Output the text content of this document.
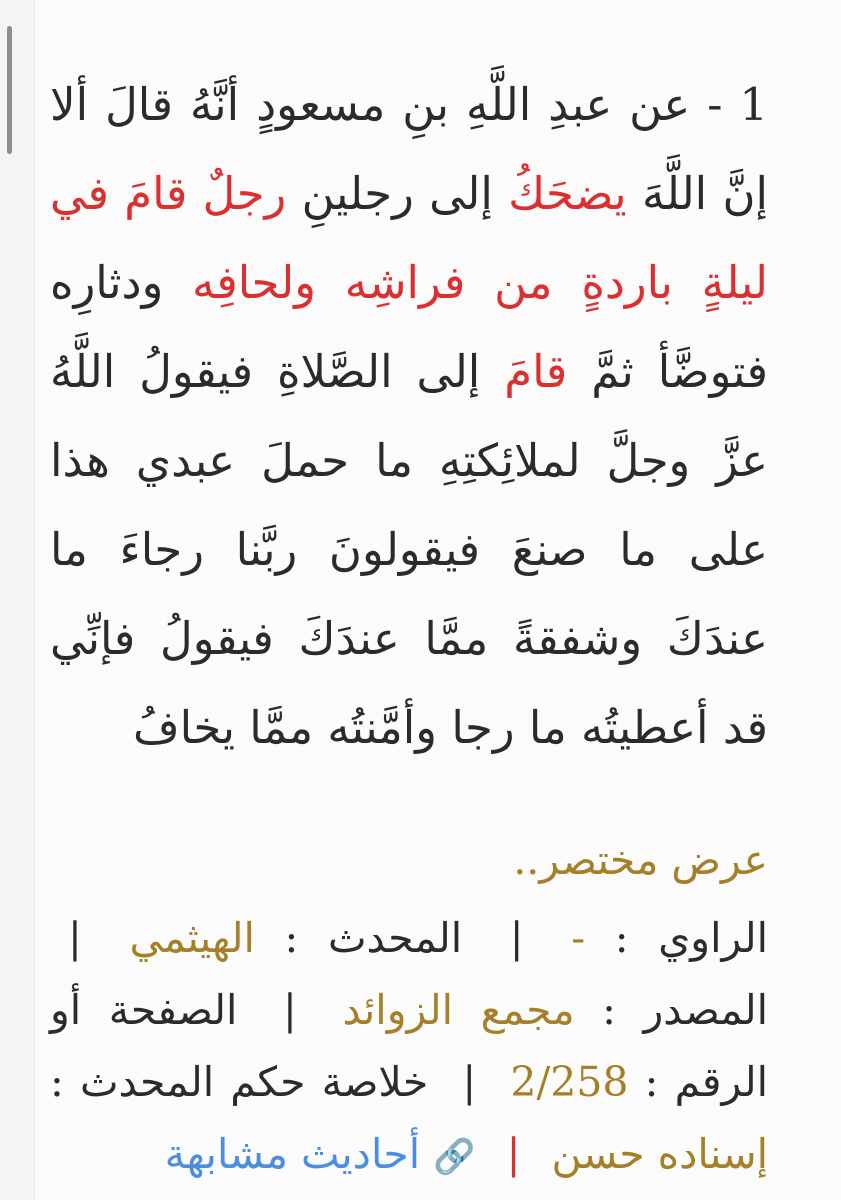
1 - عن عبدِ اللَّهِ بنِ مسعودٍ أنَّهُ قالَ ألا إنَّ اللَّهَ يضحَكُ إلى رجلينِ رجلٌ قامَ في ليلةٍ باردةٍ من فراشِه ولحافِه ودثارِه فتوضَّأ ثمَّ قامَ إلى الصَّلاةِ فيقولُ اللَّهُ عزَّ وجلَّ لملائِكتِهِ ما حملَ عبدي هذا على ما صنعَ فيقولونَ ربَّنا رجاءَ ما عندَكَ وشفقةً ممَّا عندَكَ فيقولُ فإنِّي قد أعطيتُه ما رجا وأمَّنتُه ممَّا يخافُ

عرض مختصر..

الراوي : - | المحدث : الهيثمي | المصدر : مجمع الزوائد | الصفحة أو الرقم : 2/258 | خلاصة حكم المحدث : إسناده حسن | 🔗 أحاديث مشابهة
